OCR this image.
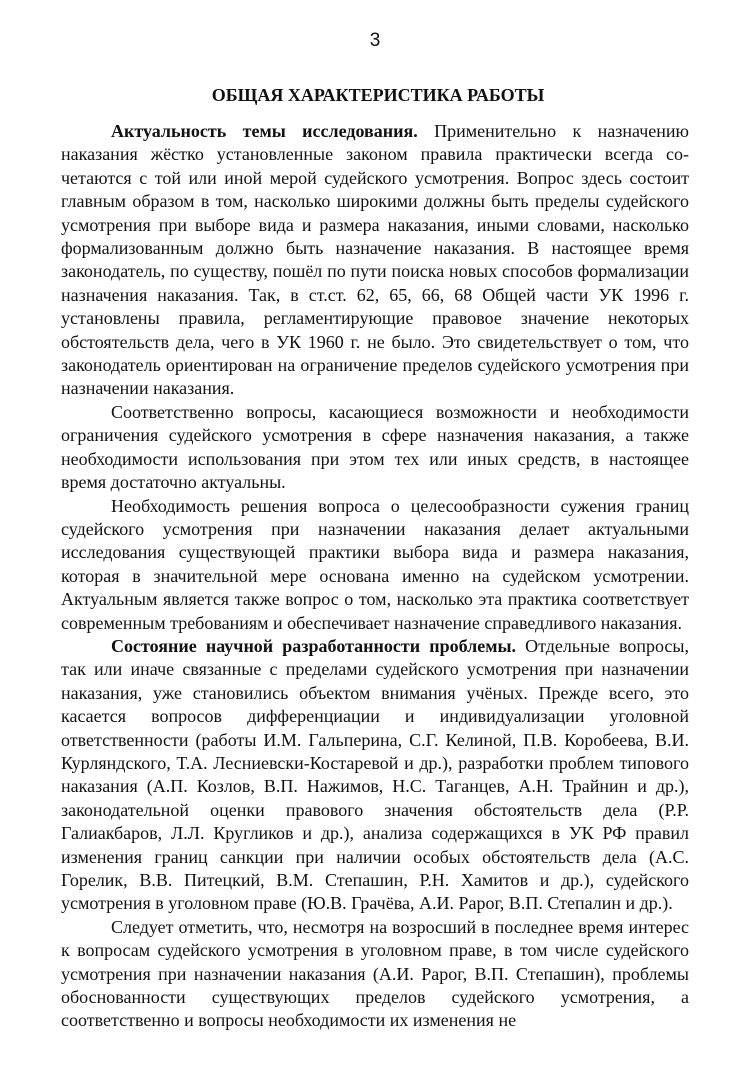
3
ОБЩАЯ ХАРАКТЕРИСТИКА РАБОТЫ

Актуальность темы исследования. Применительно к назначению наказания жёстко установленные законом правила практически всегда сочетаются с той или иной мерой судейского усмотрения. Вопрос здесь состоит главным образом в том, насколько широкими должны быть пределы судейского усмотрения при выборе вида и размера наказания, иными словами, насколько формализованным должно быть назначение наказания. В настоящее время законодатель, по существу, пошёл по пути поиска новых способов формализации назначения наказания. Так, в ст.ст. 62, 65, 66, 68 Общей части УК 1996 г. установлены правила, регламентирующие правовое значение некоторых обстоятельств дела, чего в УК 1960 г. не было. Это свидетельствует о том, что законодатель ориентирован на ограничение пределов судейского усмотрения при назначении наказания.

Соответственно вопросы, касающиеся возможности и необходимости ограничения судейского усмотрения в сфере назначения наказания, а также необходимости использования при этом тех или иных средств, в настоящее время достаточно актуальны.

Необходимость решения вопроса о целесообразности сужения границ судейского усмотрения при назначении наказания делает актуальными исследования существующей практики выбора вида и размера наказания, которая в значительной мере основана именно на судейском усмотрении. Актуальным является также вопрос о том, насколько эта практика соответствует современным требованиям и обеспечивает назначение справедливого наказания.

Состояние научной разработанности проблемы. Отдельные вопросы, так или иначе связанные с пределами судейского усмотрения при назначении наказания, уже становились объектом внимания учёных. Прежде всего, это касается вопросов дифференциации и индивидуализации уголовной ответственности (работы И.М. Гальперина, С.Г. Келиной, П.В. Коробеева, В.И. Курляндского, Т.А. Лесниевски-Костаревой и др.), разработки проблем типового наказания (А.П. Козлов, В.П. Нажимов, Н.С. Таганцев, А.Н. Трайнин и др.), законодательной оценки правового значения обстоятельств дела (Р.Р. Галиакбаров, Л.Л. Кругликов и др.), анализа содержащихся в УК РФ правил изменения границ санкции при наличии особых обстоятельств дела (А.С. Горелик, В.В. Питецкий, В.М. Степашин, Р.Н. Хамитов и др.), судейского усмотрения в уголовном праве (Ю.В. Грачёва, А.И. Рарог, В.П. Степалин и др.).

Следует отметить, что, несмотря на возросший в последнее время интерес к вопросам судейского усмотрения в уголовном праве, в том числе судейского усмотрения при назначении наказания (А.И. Рарог, В.П. Степашин), проблемы обоснованности существующих пределов судейского усмотрения, а соответственно и вопросы необходимости их изменения не
